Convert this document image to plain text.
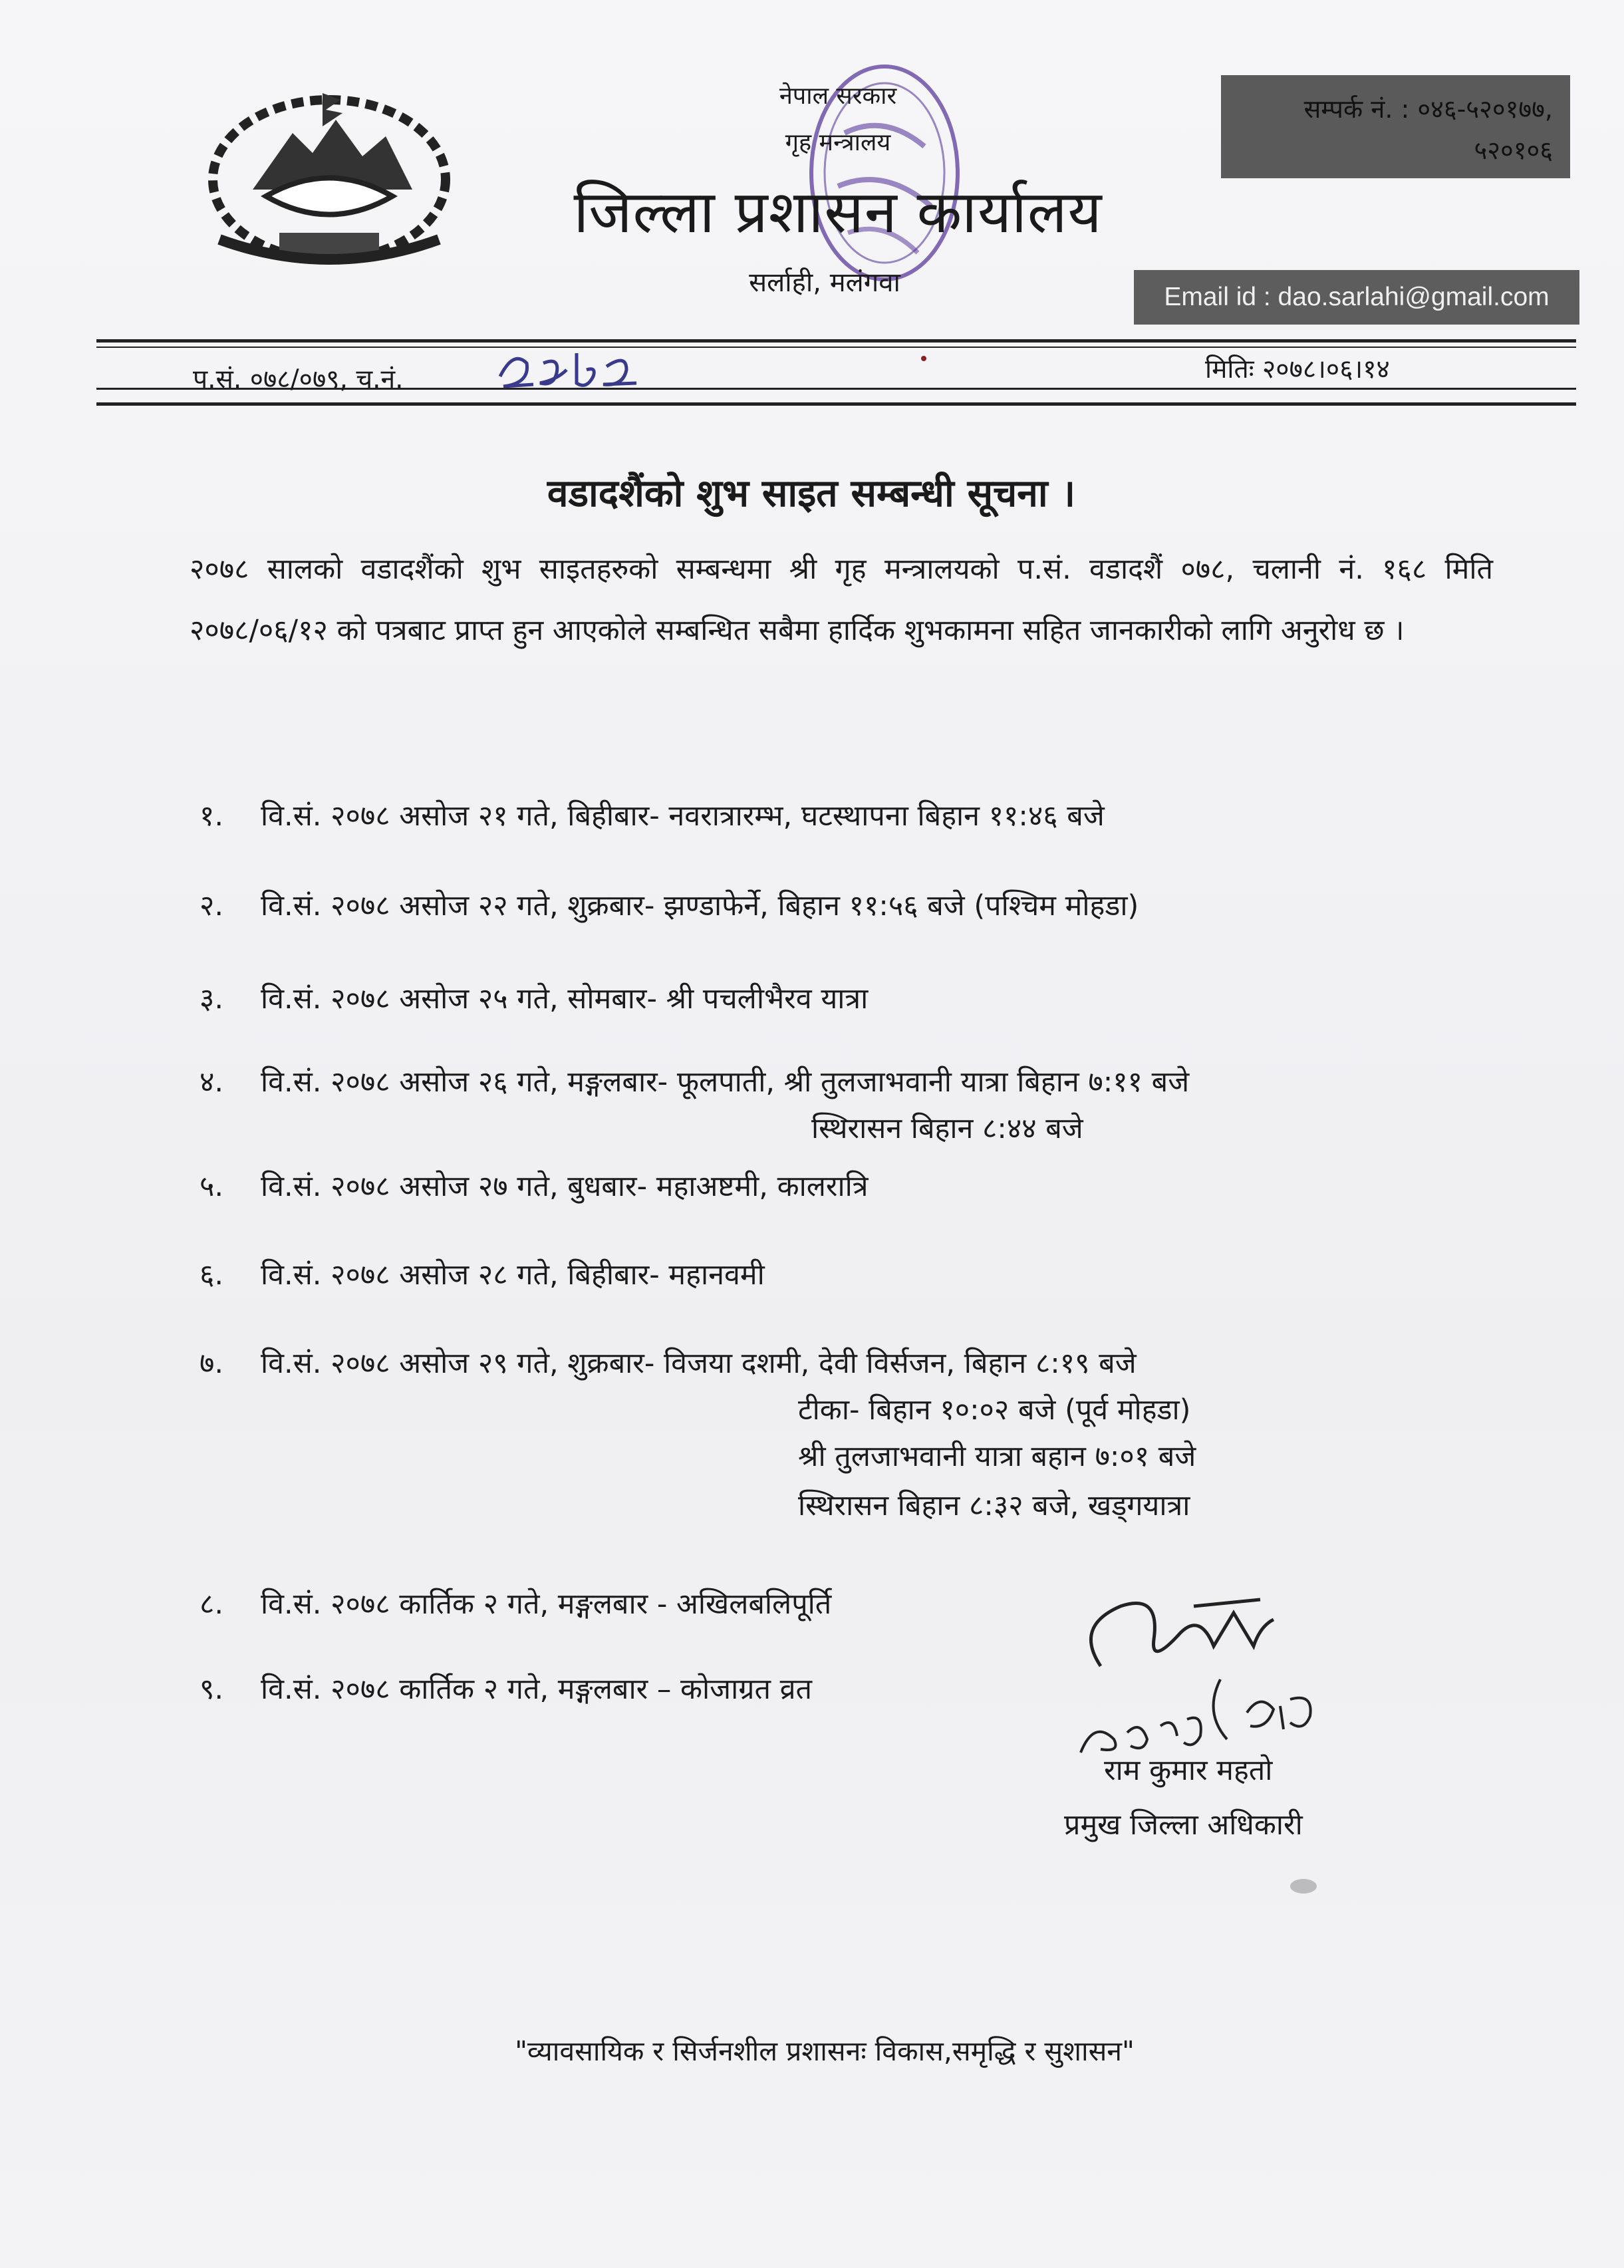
नेपाल सरकार
गृह मन्त्रालय
जिल्ला प्रशासन कार्यालय
सर्लाही, मलंगवा
सम्पर्क नं. : ०४६-५२०१७७,
५२०१०६
Email id : dao.sarlahi@gmail.com
प.सं. ०७८/०७९, च.नं.	मितिः २०७८।०६।१४
वडादशैंको शुभ साइत सम्बन्धी सूचना ।
२०७८ सालको वडादशैंको शुभ साइतहरुको सम्बन्धमा श्री गृह मन्त्रालयको प.सं. वडादशैं ०७८, चलानी नं. १६८ मिति २०७८/०६/१२ को पत्रबाट प्राप्त हुन आएकोले सम्बन्धित सबैमा हार्दिक शुभकामना सहित जानकारीको लागि अनुरोध छ ।
१. वि.सं. २०७८ असोज २१ गते, बिहीबार- नवरात्रारम्भ, घटस्थापना बिहान ११:४६ बजे
२. वि.सं. २०७८ असोज २२ गते, शुक्रबार- झण्डाफेर्ने, बिहान ११:५६ बजे (पश्चिम मोहडा)
३. वि.सं. २०७८ असोज २५ गते, सोमबार- श्री पचलीभैरव यात्रा
४. वि.सं. २०७८ असोज २६ गते, मङ्गलबार- फूलपाती, श्री तुलजाभवानी यात्रा बिहान ७:११ बजे
स्थिरासन बिहान ८:४४ बजे
५. वि.सं. २०७८ असोज २७ गते, बुधबार- महाअष्टमी, कालरात्रि
६. वि.सं. २०७८ असोज २८ गते, बिहीबार- महानवमी
७. वि.सं. २०७८ असोज २९ गते, शुक्रबार- विजया दशमी, देवी विर्सजन, बिहान ८:१९ बजे
टीका- बिहान १०:०२ बजे (पूर्व मोहडा)
श्री तुलजाभवानी यात्रा बहान ७:०१ बजे
स्थिरासन बिहान ८:३२ बजे, खड्गयात्रा
८. वि.सं. २०७८ कार्तिक २ गते, मङ्गलबार - अखिलबलिपूर्ति
९. वि.सं. २०७८ कार्तिक २ गते, मङ्गलबार – कोजाग्रत व्रत
राम कुमार महतो
प्रमुख जिल्ला अधिकारी
"व्यावसायिक र सिर्जनशील प्रशासनः विकास,समृद्धि र सुशासन"
